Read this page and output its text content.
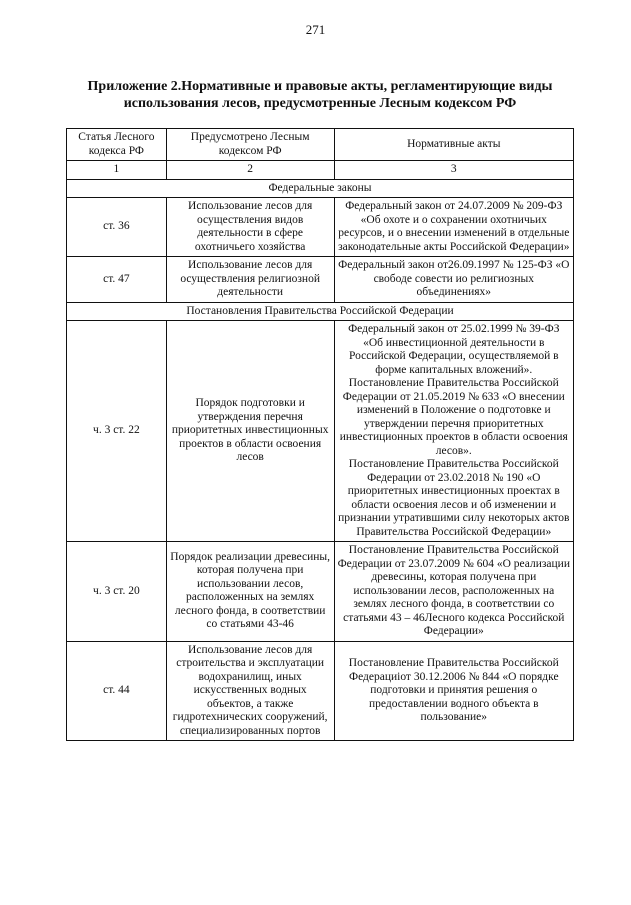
271
Приложение 2.Нормативные и правовые акты, регламентирующие виды использования лесов, предусмотренные Лесным кодексом РФ
Статья Лесного кодекса РФ	Предусмотрено Лесным кодексом РФ	Нормативные акты
1	2	3
Федеральные законы		
ст. 36	Использование лесов для осуществления видов деятельности в сфере охотничьего хозяйства	Федеральный закон от 24.07.2009 № 209-ФЗ «Об охоте и о сохранении охотничьих ресурсов, и о внесении изменений в отдельные законодательные акты Российской Федерации»

ст. 47	Использование лесов для осуществления религиозной деятельности	Федеральный закон от26.09.1997 № 125-ФЗ «О свободе совести ио религиозных объединениях»

Постановления Правительства Российской Федерации		
ч. 3 ст. 22	Порядок подготовки и утверждения перечня приоритетных инвестиционных проектов в области освоения лесов	Федеральный закон от 25.02.1999 № 39-ФЗ «Об инвестиционной деятельности в Российской Федерации, осуществляемой в форме капитальных вложений».
Постановление Правительства Российской Федерации от 21.05.2019 № 633 «О внесении изменений в Положение о подготовке и утверждении перечня приоритетных инвестиционных проектов в области освоения лесов».
Постановление Правительства Российской Федерации от 23.02.2018 № 190 «О приоритетных инвестиционных проектах в области освоения лесов и об изменении и признании утратившими силу некоторых актов Правительства Российской Федерации»

ч. 3 ст. 20	Порядок реализации древесины, которая получена при использовании лесов, расположенных на землях лесного фонда, в соответствии со статьями 43-46	Постановление Правительства Российской Федерации от 23.07.2009 № 604 «О реализации древесины, которая получена при использовании лесов, расположенных на землях лесного фонда, в соответствии со статьями 43 – 46Лесного кодекса Российской Федерации»

ст. 44	Использование лесов для строительства и эксплуатации водохранилищ, иных искусственных водных объектов, а также гидротехнических сооружений, специализированных портов	Постановление Правительства Российской Федерациiот 30.12.2006 № 844 «О порядке подготовки и принятия решения о предоставлении водного объекта в пользование»
